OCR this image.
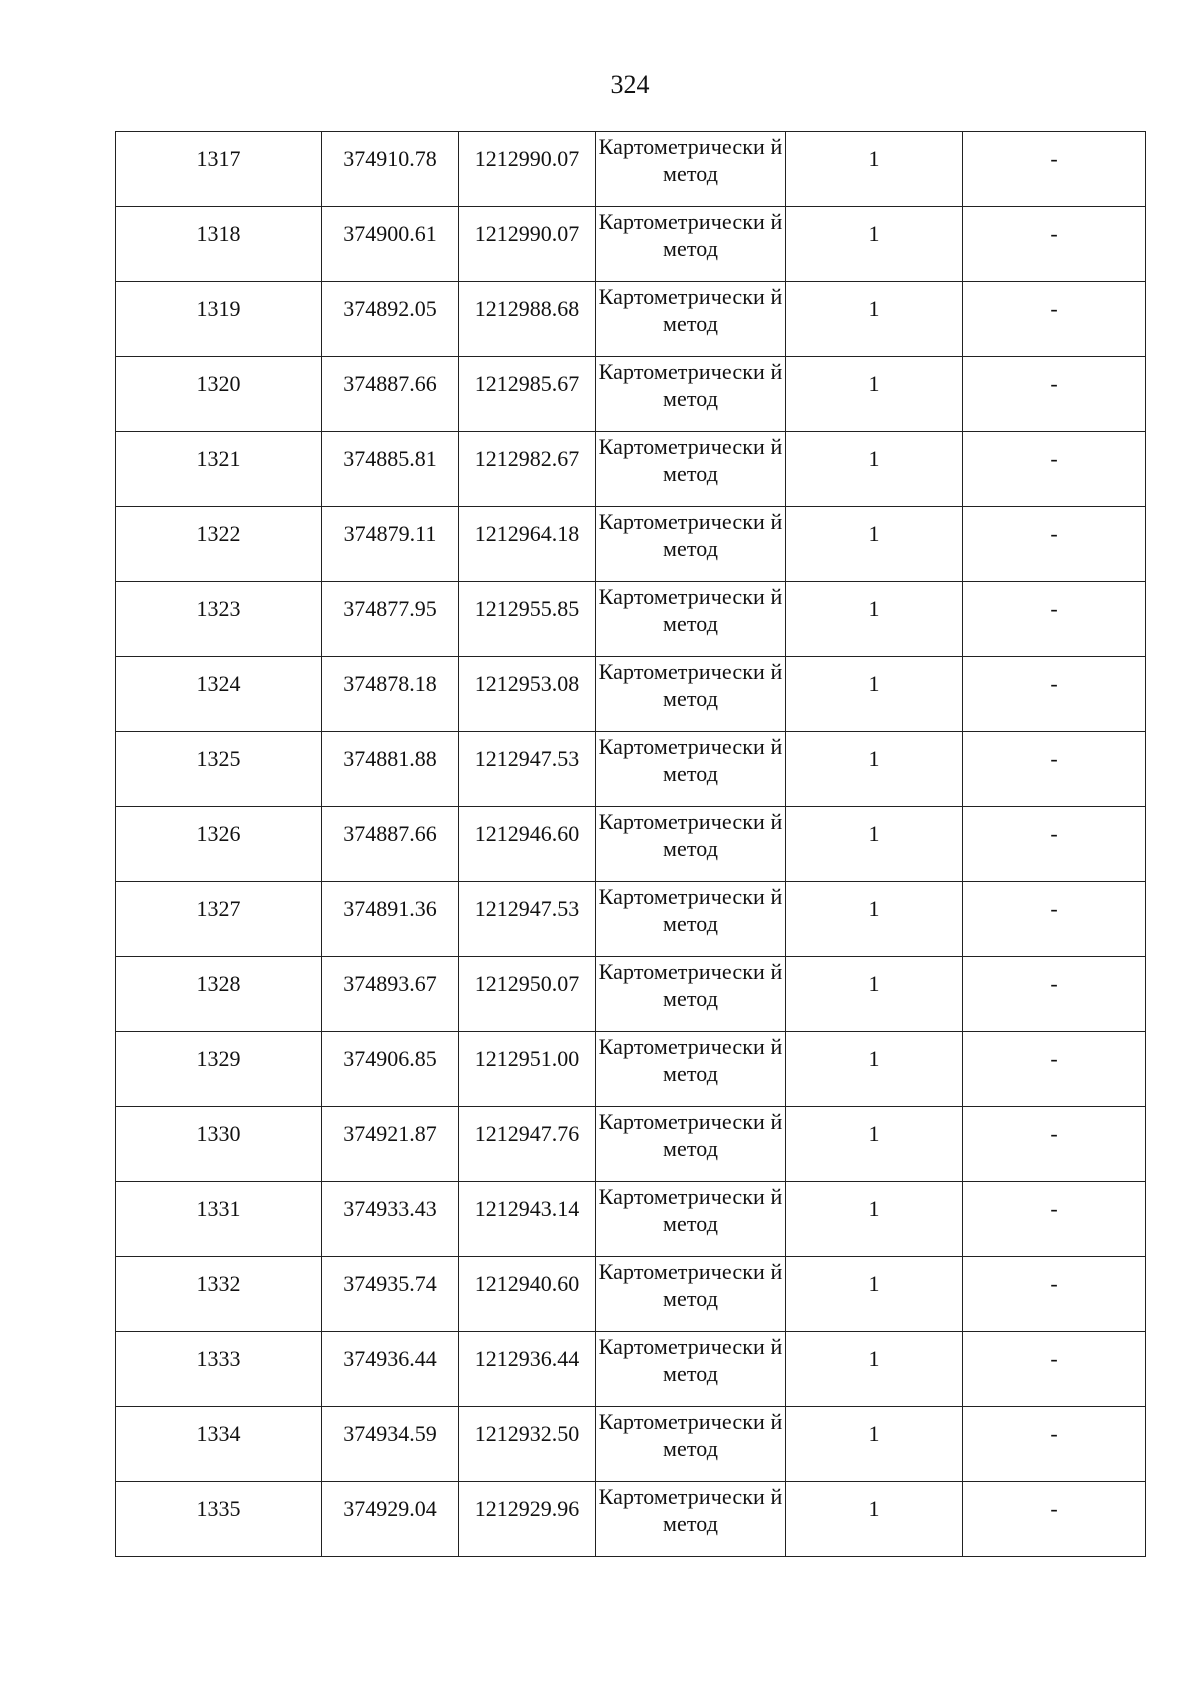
324
1317	374910.78	1212990.07	Картометрически й метод	1	-
1318	374900.61	1212990.07	Картометрически й метод	1	-
1319	374892.05	1212988.68	Картометрически й метод	1	-
1320	374887.66	1212985.67	Картометрически й метод	1	-
1321	374885.81	1212982.67	Картометрически й метод	1	-
1322	374879.11	1212964.18	Картометрически й метод	1	-
1323	374877.95	1212955.85	Картометрически й метод	1	-
1324	374878.18	1212953.08	Картометрически й метод	1	-
1325	374881.88	1212947.53	Картометрически й метод	1	-
1326	374887.66	1212946.60	Картометрически й метод	1	-
1327	374891.36	1212947.53	Картометрически й метод	1	-
1328	374893.67	1212950.07	Картометрически й метод	1	-
1329	374906.85	1212951.00	Картометрически й метод	1	-
1330	374921.87	1212947.76	Картометрически й метод	1	-
1331	374933.43	1212943.14	Картометрически й метод	1	-
1332	374935.74	1212940.60	Картометрически й метод	1	-
1333	374936.44	1212936.44	Картометрически й метод	1	-
1334	374934.59	1212932.50	Картометрически й метод	1	-
1335	374929.04	1212929.96	Картометрически й метод	1	-
